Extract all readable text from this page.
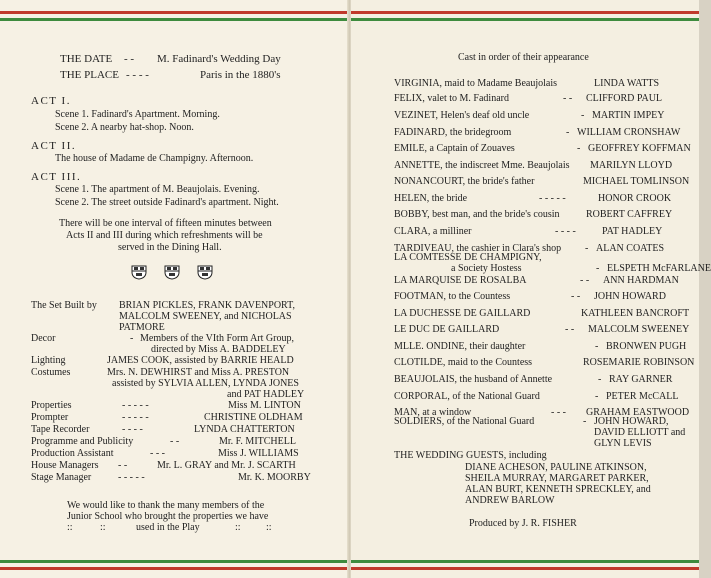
THE DATE - - M. Fadinard's Wedding Day
THE PLACE - - - -	Paris in the 1880's
ACT I.
Scene 1. Fadinard's Apartment. Morning.
Scene 2. A nearby hat-shop. Noon.
ACT II.
The house of Madame de Champigny. Afternoon.
ACT III.
Scene 1. The apartment of M. Beaujolais. Evening.
Scene 2. The street outside Fadinard's apartment. Night.
There will be one interval of fifteen minutes between
Acts II and III during which refreshments will be
served in the Dining Hall.
The Set Built by BRIAN PICKLES, FRANK DAVENPORT,
MALCOLM SWEENEY, and NICHOLAS
PATMORE
Decor	- Members of the VIth Form Art Group,
directed by Miss A. BADDELEY
Lighting	JAMES COOK, assisted by BARRIE HEALD
Costumes	Mrs. N. DEWHIRST and Miss A. PRESTON
assisted by SYLVIA ALLEN, LYNDA JONES
and PAT HADLEY
Properties	- - - - -	Miss M. LINTON
Prompter	- - - - -	CHRISTINE OLDHAM
Tape Recorder	- - - -	LYNDA CHATTERTON
Programme and Publicity	- -	Mr. F. MITCHELL
Production Assistant	- - -	Miss J. WILLIAMS
House Managers - -	Mr. L. GRAY and Mr. J. SCARTH
Stage Manager	- - - - -	Mr. K. MOORBY
We would like to thank the many members of the
Junior School who brought the properties we have
::	::	used in the Play	::	::
Cast in order of their appearance
THE WEDDING GUESTS, including
DIANE ACHESON, PAULINE ATKINSON,
SHEILA MURRAY, MARGARET PARKER,
ALAN BURT, KENNETH SPRECKLEY, and
ANDREW BARLOW
Produced by J. R. FISHER
VIRGINIA, maid to Madame Beaujolais	LINDA WATTS
FELIX, valet to M. Fadinard	- - CLIFFORD PAUL
VEZINET, Helen's deaf old uncle	- MARTIN IMPEY
FADINARD, the bridegroom	- WILLIAM CRONSHAW
EMILE, a Captain of Zouaves	- GEOFFREY KOFFMAN
ANNETTE, the indiscreet Mme. Beaujolais MARILYN LLOYD
NONANCOURT, the bride's father	MICHAEL TOMLINSON
HELEN, the bride	- - - - -	HONOR CROOK
BOBBY, best man, and the bride's cousin	ROBERT CAFFREY
CLARA, a milliner	- - - -	PAT HADLEY
TARDIVEAU, the cashier in Clara's shop - ALAN COATES
LA COMTESSE DE CHAMPIGNY,
a Society Hostess	- ELSPETH McFARLANE
LA MARQUISE DE ROSALBA	- - ANN HARDMAN
FOOTMAN, to the Countess	- - JOHN HOWARD
LA DUCHESSE DE GAILLARD	KATHLEEN BANCROFT
LE DUC DE GAILLARD	- - MALCOLM SWEENEY
MLLE. ONDINE, their daughter	- BRONWEN PUGH
CLOTILDE, maid to the Countess	ROSEMARIE ROBINSON
BEAUJOLAIS, the husband of Annette	- RAY GARNER
CORPORAL, of the National Guard	- PETER McCALL
MAN, at a window	- - - GRAHAM EASTWOOD
SOLDIERS, of the National Guard	- JOHN HOWARD,
DAVID ELLIOTT and
GLYN LEVIS
